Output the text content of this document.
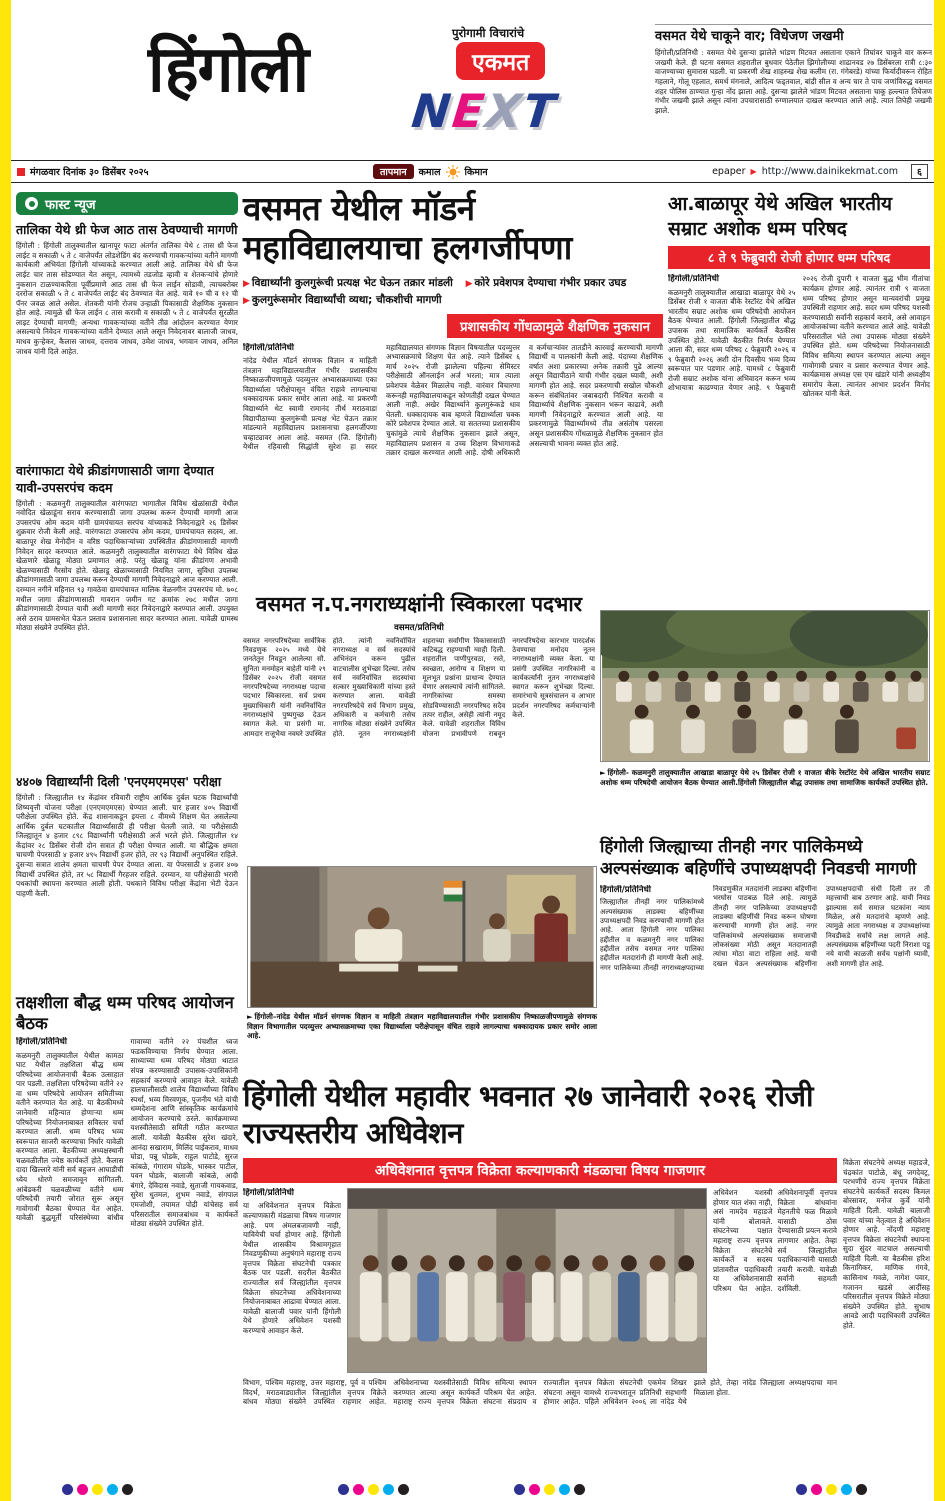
पुरोगामी विचारांचे
एकमत
हिंगोली
NEXT
वसमत येथे चाकूने वार; विधेजण जखमी
हिंगोली/प्रतिनिधी : वसमत येथे दुसऱ्या झालेले भांडण मिटवत असताना एकाने तिघांवर चाकूने वार करून जखमी केले. ही घटना वसमत शहरातील बुधवार पेठेतील झिगोलीच्या शाढानवड २७ डिसेंबरला रात्री ८:३० वाजण्याच्या सुमारास घडली. या प्रकरणी शेख शाहरुख शेख कलीम (रा. गंगेबरडे) यांच्या फिर्यादीवरून रोहित गहलाने, गोलू एहलात, समर्थ मंगनाले, आदित्य फड्तवाल, बांद्री सील व अन्य चार ते पाच जणांविरुद्ध वसमत शहर पोलिस ठाण्यात गुन्हा नोंद झाला आहे. दुसऱ्या झालेले भांडण मिटवत असताना चाकू हल्ल्यात तिघेजण गंभीर जखमी झाले असून त्यांना उपचारासाठी रुग्णालयात दाखल करण्यात आले आहे. त्यात तिघेही जखमी झाले.
मंगळवार दिनांक ३० डिसेंबर २०२५	तापमान	कमाल	किमान	epaper ▶ http://www.dainikekmat.com	६
फास्ट न्यूज
तालिका येथे थ्री फेज आठ तास ठेवण्याची मागणी
हिंगोली : हिंगोली तालुक्यातील खानापूर फाटा अंतर्गत तालिका येथे ८ तास थ्री फेज लाईट व सकाळी ५ ते ८ वाजेपर्यंत लोडशेडिंग बंद करण्याची गावकऱ्यांच्या वतीने मागणी कार्यकारी अभियंता हिंगोली यांच्याकडे करण्यात आली आहे. तालिका येथे थ्री फेज लाईट चार तास सोडण्यात येत असून, त्यामध्ये तडजोड व्हावी व शेतकऱ्यांचे होणारे नुकसान टाळण्याकरिता पूर्वीप्रमाणे आठ तास थ्री फेज लाईन सोडावी, त्याचबरोबर दररोज सकाळी ५ ते ८ वाजेपर्यंत लाईट बंद ठेवण्यात येत आहे. यावे १० ची व १२ ची पॅनर जवळ आले असेल. शेतकरी यांनी रोजच उन्हाळी पिकासाठी शैक्षणिक नुकसान होत आहे. त्यामुळे थ्री फेज लाईन ८ तास करावी व सकाळी ५ ते ८ वाजेपर्यंत सुरळीत लाइट देण्याची मागणी; अन्यथा गावकऱ्यांच्या वतीने तीव्र आंदोलन करण्यात येणार असल्याचे निवेदन गावकऱ्यांच्या वतीने देण्यात आले असून निवेदनावर बालाजी जाधव, माधव कुऱ्हेकर, कैलास जाधव, दत्तराव जाधव, उमेश जाधव, भगवान जाधव, अनिल जाधव यांनी दिले आहेत.
वारंगाफाटा येथे क्रीडांगणासाठी जागा देण्यात यावी-उपसरपंच कदम
हिंगोली : कळमनुरी तालुक्यातील वारंगफाटा भागातील विविध खेळांसाठी येथील नवोदित खेळाडूंना सराव करण्यासाठी जागा उपलब्ध करून देण्याची मागणी आज उपसरपंच ओम कदम यांनी ग्रामपंचायत सरपंच यांच्याकडे निवेदनाद्वारे २६ डिसेंबर शुक्रवार रोजी केली आहे. वारंगफाटा उपसरपंच ओम कदम, ग्रामपंचायत सदस्य, आ. बाळापूर शेख मेनोदीन व वरिष्ठ पदाधिकाऱ्यांच्या उपस्थितीत क्रीडांगणासाठी मागणी निवेदन सादर करण्यात आले. कळमनुरी तालुक्यातील वारंगफाटा येथे विविध खेळ खेळणारे खेळाडू मोठ्या प्रमाणात आहे. परंतु खेळाडू यांना क्रीडांगण अभावी खेळण्यासाठी गैरसोय होते. खेळाडू खेळाच्यासाठी नियमित जागा, सुविधा उपलब्ध क्रीडांगणासाठी जागा उपलब्ध करून देण्याची मागणी निवेदनाद्वारे आज करण्यात आली. दरम्यान नगीने महिनात ९३ गावठेवा ग्रामपंचायत मालिक वेळनगीन उपसरपंच मो. ७०८ मधील जागा क्रीडांगणासाठी गावरान जमीन गट क्रमांक २७८ मधील जागा क्रीडांगणासाठी देण्यात यावी अशी मागणी सदर निवेदनाद्वारे करण्यात आली. उपयुक्त असे ठराव ग्रामसभेत घेऊन प्रस्ताव प्रशासनाला सादर करण्यात आला. यावेळी ग्रामस्थ मोठ्या संख्येने उपस्थित होते.
४४०७ विद्यार्थ्यांनी दिली 'एनएमएमएस' परीक्षा
हिंगोली : जिल्ह्यातील १४ केंद्रांवर रविवारी राष्ट्रीय आर्थिक दुर्बल घटक विद्यार्थ्यांची शिष्यवृत्ती योजना परीक्षा (एनएमएमएस) घेण्यात आली. चार हजार ४०५ विद्यार्थी परीक्षेला उपस्थित होते. केंद्र शासनाकडून इयत्ता ८ वीमध्ये शिक्षण घेत असलेल्या आर्थिक दुर्बल घटकातील विद्यार्थ्यांसाठी ही परीक्षा घेतली जाते. या परीक्षेसाठी जिल्ह्यातून ४ हजार ८९८ विद्यार्थ्यांनी परीक्षेसाठी अर्ज भरले होते. जिल्ह्यातील १४ केंद्रांवर २८ डिसेंबर रोजी दोन सत्रात ही परीक्षा घेण्यात आली. या बौद्धिक क्षमता चाचणी पेपरसाठी ४ हजार ४९५ विद्यार्थी हजर होते, तर ९३ विद्यार्थी अनुपस्थित राहिले. दुसऱ्या सत्रात शालेय क्षमता चाचणी पेपर देण्यात आला. या पेपरसाठी ४ हजार ४०७ विद्यार्थी उपस्थित होते, तर ५८ विद्यार्थी गैरहजर राहिले. दरम्यान, या परीक्षेसाठी भरारी पथकांची स्थापना करण्यात आली होती. पथकाने विविध परीक्षा केंद्रांना भेटी देऊन पाहणी केली.
तक्षशीला बौद्ध धम्म परिषद आयोजन बैठक
हिंगोली/प्रतिनिधी
कळमनुरी तालुक्यातील येथील कामठा घाट येथील तक्षशिला बौद्ध धम्म परिषदेच्या आयोजनाची बैठक उत्साहात पार पडली. तक्षशिला परिषदेच्या वतीने २२ वा धम्म परिषदेचे आयोजन समितीच्या वतीने करण्यात येत आहे. या बैठकीमध्ये जानेवारी महिन्यात होणाऱ्या धम्म परिषदेच्या नियोजनाबाबत सविस्तर चर्चा करण्यात आली. धम्म परिषद भव्य स्वरूपात साजरी करण्याचा निर्धार यावेळी करण्यात आला. बैठकीच्या अध्यक्षस्थानी चळवळीतील ज्येष्ठ कार्यकर्ते होते. कैलास दादा खिल्लारे यांनी सर्व बहुजन आघाडीची ध्येय धोरणे समजावून सांगितली. आंबेडकरी चळवळीच्या वतीने धम्म परिषदेची तयारी जोरात सुरू असून गावोगावी बैठका घेण्यात येत आहेत. यावेळी बुद्धमूर्ती परिसंस्थेच्या बांधीव गावाच्या वतीने २२ पंचशील ध्वज फडकविण्याचा निर्णय घेण्यात आला. साध्याच्या धम्म परिषद मोठ्या थाटात संपन्न करण्यासाठी उपासक-उपासिकांनी सहकार्य करण्याचे आवाहन केले. यावेळी हालचालीसाठी शालेय विद्यार्थ्यांच्या विविध स्पर्धा, भव्य मिरवणूक, पूजनीय भंते यांची धम्मदेशना आणि सांस्कृतिक कार्यक्रमांचे आयोजन करण्याचे ठरले. कार्यक्रमाच्या यशस्वीतेसाठी समिती गठीत करण्यात आली. यावेळी बैठकीस सुरेश खंदारे, आनंदा सखाराम, मिलिंद पाईकराव, माधव घोडा, पन्नू घोडके, राहुल पाटोडे, सुरज कांबळे, गंगाराम घोडके, भास्कर पाटील, पवन घोडके, बालाजी कांबळे, आदी बंगारे, देविदास नवाडे, सुताजी गायकवाड, सुरेश धुतमल, शुभम नवाडे, संगपाल एमजोशी, तयामत पोद्री यांचेसह सर्व परिसरातील समाजबांधव व कार्यकर्ते मोठ्या संख्येने उपस्थित होते.
वसमत येथील मॉडर्न महाविद्यालयाचा हलगर्जीपणा
▶ विद्यार्थ्यांनी कुलगुरूंची प्रत्यक्ष भेट घेऊन तक्रार मांडली ▶ कोरे प्रवेशपत्र देण्याचा गंभीर प्रकार उघड ▶ कुलगुरूंसमोर विद्यार्थ्यांची व्यथा; चौकशीची मागणी
प्रशासकीय गोंधळामुळे शैक्षणिक नुकसान
हिंगोली/प्रतिनिधी
नांदेड येथील मॉडर्न संगणक विज्ञान व माहिती तंत्रज्ञान महाविद्यालयातील गंभीर प्रशासकीय निष्काळजीपणामुळे पदव्युत्तर अभ्यासक्रमाच्या एका विद्यार्थ्याला परीक्षेपासून वंचित राहावे लागल्याचा धक्कादायक प्रकार समोर आला आहे. या प्रकरणी विद्यार्थ्याने थेट स्वामी रामानंद तीर्थ मराठवाडा विद्यापीठाच्या कुलगुरूंची प्रत्यक्ष भेट घेऊन तक्रार मांडल्याने महाविद्यालय प्रशासनाचा हलगर्जीपणा चव्हाट्यावर आला आहे. वसमत (जि. हिंगोली) येथील रहिवासी सिद्धांती सुरेश हा सदर महाविद्यालयात संगणक विज्ञान विषयातील पदव्युत्तर अभ्यासक्रमाचे शिक्षण घेत आहे. त्याने डिसेंबर ६ मार्च २०२५ रोजी झालेल्या पहिल्या सेमिस्टर परीक्षेसाठी ऑनलाईन अर्ज भरला; मात्र त्याला प्रवेशपत्र वेळेवर मिळालेच नाही. वारंवार विचारणा करूनही महाविद्यालयाकडून कोणतीही दखल घेण्यात आली नाही. अखेर विद्यार्थ्याने कुलगुरूंकडे धाव घेतली. धक्कादायक बाब म्हणजे विद्यार्थ्याला चक्क कोरे प्रवेशपत्र देण्यात आले. या सततच्या प्रशासकीय चुकांमुळे त्याचे शैक्षणिक नुकसान झाले असून, महाविद्यालय प्रशासन व उच्च शिक्षण विभागाकडे तक्रार दाखल करण्यात आली आहे. दोषी अधिकारी व कर्मचाऱ्यांवर तातडीने कारवाई करण्याची मागणी विद्यार्थी व पालकांनी केली आहे. यंदाच्या शैक्षणिक वर्षात अशा प्रकारच्या अनेक तक्रारी पुढे आल्या असून विद्यापीठाने याची गंभीर दखल घ्यावी, अशी मागणी होत आहे. सदर प्रकरणाची सखोल चौकशी करून संबंधितांवर जबाबदारी निश्चित करावी व विद्यार्थ्याचे शैक्षणिक नुकसान भरून काढावे, अशी मागणी निवेदनाद्वारे करण्यात आली आहे. या प्रकरणामुळे विद्यार्थ्यांमध्ये तीव्र असंतोष पसरला असून प्रशासकीय गोंधळामुळे शैक्षणिक नुकसान होत असल्याची भावना व्यक्त होत आहे.
आ.बाळापूर येथे अखिल भारतीय सम्राट अशोक धम्म परिषद
८ ते ९ फेब्रुवारी रोजी होणार धम्म परिषद
हिंगोली/प्रतिनिधी
कळमनुरी तालुक्यातील आखाडा बाळापूर येथे २५ डिसेंबर रोजी १ वाजता बीके रेस्टॉरंट येथे अखिल भारतीय सम्राट अशोक धम्म परिषदेची आयोजन बैठक घेण्यात आली. हिंगोली जिल्ह्यातील बौद्ध उपासक तथा सामाजिक कार्यकर्ते बैठकीस उपस्थित होते. यावेळी बैठकीत निर्णय घेण्यात आला की, सदर धम्म परिषद ८ फेब्रुवारी २०२६ व ९ फेब्रुवारी २०२६ अशी दोन दिवसीय भव्य दिव्य स्वरूपात पार पडणार आहे. यामध्ये ८ फेब्रुवारी रोजी सम्राट अशोक यांना अभिवादन करून भव्य शोभायात्रा काढण्यात येणार आहे. ९ फेब्रुवारी २०२६ रोजी दुपारी १ वाजता बुद्ध भीम गीतांचा कार्यक्रम होणार आहे. त्यानंतर रात्री ९ वाजता धम्म परिषद होणार असून मान्यवरांची प्रमुख उपस्थिती राहणार आहे. सदर धम्म परिषद यशस्वी करण्यासाठी सर्वांनी सहकार्य करावे, असे आवाहन आयोजकांच्या वतीने करण्यात आले आहे. यावेळी परिसरातील भंते तथा उपासक मोठ्या संख्येने उपस्थित होते. धम्म परिषदेच्या नियोजनासाठी विविध समित्या स्थापन करण्यात आल्या असून गावोगावी प्रचार व प्रसार करण्यात येणार आहे. कार्यक्रमास अध्यक्ष एस एम खंडारे यांनी अध्यक्षीय समारोप केला. त्यानंतर आभार प्रदर्शन विनोद खोतकर यांनी केले.
वसमत न.प.नगराध्यक्षांनी स्विकारला पदभार
वसमत/प्रतिनिधी
वसमत नगरपरिषदेच्या सार्वत्रिक निवडणुक २०२५ मध्ये येथे जनतेतून निवडून आलेल्या सौ. सुनिता मनमोहन बाहेती यांनी २९ डिसेंबर २०२५ रोजी वसमत नगरपरिषदेच्या नगराध्यक्ष पदाचा पदभार स्विकारला. सर्व प्रथम मुख्याधिकारी यांनी नवनिर्वाचित नगराध्यक्षांचे पुष्पगुच्छ देऊन स्वागत केले. या प्रसंगी मा. आमदार राजूभैया नवघरे उपस्थित होते. त्यांनी नवनिर्वाचित नगराध्यक्ष व सर्व सदस्यांचे अभिनंदन करून पुढील वाटचालीस शुभेच्छा दिल्या. तसेच सर्व नवनिर्वाचित सदस्यांचा सत्कार मुख्याधिकारी यांच्या हस्ते करण्यात आला. यावेळी नगरपरिषदेचे सर्व विभाग प्रमुख, अधिकारी व कर्मचारी तसेच नागरिक मोठ्या संख्येने उपस्थित होते. नूतन नगराध्यक्षांनी शहराच्या सर्वांगीण विकासासाठी कटिबद्ध राहण्याची ग्वाही दिली. शहरातील पाणीपुरवठा, रस्ते, स्वच्छता, आरोग्य व शिक्षण या मूलभूत प्रश्नांना प्राधान्य देण्यात येणार असल्याचे त्यांनी सांगितले. नागरिकांच्या समस्या सोडविण्यासाठी नगरपरिषद सदैव तत्पर राहील, असेही त्यांनी नमूद केले. यावेळी शहरातील विविध योजना प्रभावीपणे राबवून नगरपरिषदेचा कारभार पारदर्शक ठेवण्याचा मनोदय नूतन नगराध्यक्षांनी व्यक्त केला. या प्रसंगी उपस्थित नागरिकांनी व कार्यकर्त्यांनी नूतन नगराध्यक्षांचे स्वागत करून शुभेच्छा दिल्या. समारंभाचे सूत्रसंचालन व आभार प्रदर्शन नगरपरिषद कर्मचाऱ्यांनी केले.
► हिंगोली- कळमनुरी तालुक्यातील आखाडा बाळापूर येथे २५ डिसेंबर रोजी १ वाजता बीके रेस्टॉरंट येथे अखिल भारतीय सम्राट अशोक धम्म परिषदेची आयोजन बैठक घेण्यात आली.हिंगोली जिल्ह्यातील बौद्ध उपासक तथा सामाजिक कार्यकर्ते उपस्थित होते.
हिंगोली जिल्ह्याच्या तीनही नगर पालिकेमध्ये अल्पसंख्याक बहिणींचे उपाध्यक्षपदी निवडची मागणी
हिंगोली/प्रतिनिधी
जिल्ह्यातील तीनही नगर पालिकांमध्ये अल्पसंख्याक लाडक्या बहिणींच्या उपाध्यक्षपदी निवड करण्याची मागणी होत आहे. आता हिंगोली नगर पालिका हद्दीतील व कळमनुरी नगर पालिका हद्दीतील तसेच वसमत नगर पालिका हद्दीतील मतदारांनी ही मागणी केली आहे. नगर पालिकेच्या तीनही नगराध्यक्षपदाच्या निवडणुकीत मतदारांनी लाडक्या बहिणींना भरघोस पाठबळ दिले आहे. त्यामुळे तीनही नगर पालिकेच्या उपाध्यक्षपदी लाडक्या बहिणींची निवड करून घोषणा करण्याची मागणी होत आहे. नगर पालिकांमध्ये अल्पसंख्याक समाजाची लोकसंख्या मोठी असून मतदानातही त्यांचा मोठा वाटा राहिला आहे. याची दखल घेऊन अल्पसंख्याक बहिणींना उपाध्यक्षपदाची संधी दिली तर ती महत्त्वाची बाब ठरणार आहे. यावी निवड झाल्यास सर्व समाज घटकांना न्याय मिळेल, असे मतदारांचे म्हणणे आहे. त्यामुळे आता नगराध्यक्ष व उपाध्यक्षांच्या निवडीकडे सर्वांचे लक्ष लागले आहे. अल्पसंख्याक बहिणींच्या पदरी निराशा पडू नये याची काळजी सर्वच पक्षांनी घ्यावी, अशी मागणी होत आहे.
► हिंगोली–नांदेड येथील मॉडर्न संगणक विज्ञान व माहिती तंत्रज्ञान महाविद्यालयातील गंभीर प्रशासकीय निष्काळजीपणामुळे संगणक विज्ञान विभागातील पदव्युत्तर अभ्यासक्रमाच्या एका विद्यार्थ्याला परीक्षेपासून वंचित राहावे लागल्याचा धक्कादायक प्रकार समोर आला आहे.
हिंगोली येथील महावीर भवनात २७ जानेवारी २०२६ रोजी राज्यस्तरीय अधिवेशन
अधिवेशनात वृत्तपत्र विक्रेता कल्याणकारी मंडळाचा विषय गाजणार
विक्रेता संघटनेचे अध्यक्ष महाडजे, चंद्रकांत पाटोळे, बंधू जगदेवट्र, परभणीचे राज्य वृत्तपत्र विक्रेता संघटनेचे कार्यकर्ते सदस्य किमल बोरसावर, मनोज कुर्वे यांनी माहिती दिली. यावेळी बालाजी पवार यांच्या नेतृत्वात हे अधिवेशन होणार आहे. नोंदणी महाराष्ट्र वृत्तपत्र विक्रेता संघटनेची स्थापना सुदा सुंदर वाटचाल असल्याची माहिती दिली. या बैठकीस हरिश किनागिकर, माणिक गंगवे, कासिनाथ गवळे, नागेश पवार, गजानन खडसे आदींसह परिसरातील वृत्तपत्र विक्रेते मोठ्या संख्येने उपस्थित होते. सुभाष आवडे आदी पदाधिकारी उपस्थित होते.
हिंगोली/प्रतिनिधी
या अधिवेशनात वृत्तपत्र विक्रेता कल्याणकारी मंडळाचा विषय गाजणार आहे. पण अंमलबजावणी नाही, यावियेची चर्चा होणार आहे. हिंगोली येथील शासकीय विश्रामगृहात निवडणुकीच्या अनुषंगाने महाराष्ट्र राज्य वृत्तपत्र विक्रेता संघटनेची पत्रकार बैठक पार पडली. सदरील बैठकीत राज्यातील सर्व जिल्ह्यांतील वृत्तपत्र विक्रेता संघटनेच्या अधिवेशनाच्या नियोजनाबाबत आढावा घेण्यात आला. यावेळी बालाजी पवार यांनी हिंगोली येथे होणारे अधिवेशन यशस्वी करण्याचे आवाहन केले.
अधिवेशन यशस्वी होणार यात शंका नाही, असं नामदेव महाडजे यांनी बोलावले. संघटनेच्या पक्षात महाराष्ट्र राज्य वृत्तपत्र विक्रेता संघटनेचे कार्यकर्ते व सदस्य प्रांतावरील पदाधिकारी या अधिवेशनासाठी परिश्रम घेत आहेत. अधिवेशनापूर्वी वृत्तपत्र विक्रेता बांधवांना मेहनतीचे फळ मिळावे यासाठी ठोस देण्यासाठी प्रयत्न करावे लागणार आहेत. तेव्हा सर्व जिल्ह्यांतील पदाधिकाऱ्यांनी यासाठी तयारी करावी. यावेळी सर्वांनी सहमती दर्शविली.
विभाग, पश्चिम महाराष्ट्र, उत्तर महाराष्ट्र, पूर्व व पश्चिम विदर्भ, मराठवाड्यातील जिल्ह्यांतील वृत्तपत्र विक्रेते बांधव मोठ्या संख्येने उपस्थित राहणार आहेत. अधिवेशनाच्या यशस्वीतेसाठी विविध समित्या स्थापन करण्यात आल्या असून कार्यकर्ते परिश्रम घेत आहेत. महाराष्ट्र राज्य वृत्तपत्र विक्रेता संघटना संप्रदाय व राज्यातील वृत्तपत्र विक्रेता संघटनेची एकमेव शिखर संघटना असून यामध्ये राज्यभरातून प्रतिनिधी सहभागी होणार आहेत. पहिले अधिवेशन २००६ ला नांदेड येथे झाले होते, तेव्हा नांदेड जिल्ह्याला अध्यक्षपदाचा मान मिळाला होता.
